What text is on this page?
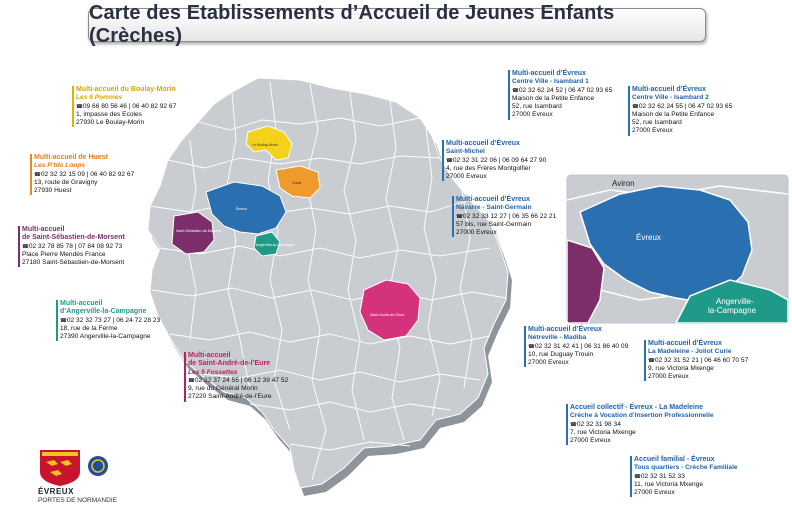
Carte des Etablissements d’Accueil de Jeunes Enfants (Crèches)
Le Boulay-Morin
Huest
Évreux
Saint-Sébastien-de-Morsent
Angerville-la-Campagne
Saint-André-de-l’Eure
Aviron
Évreux
Angerville-
la-Campagne
Multi-accueil du Boulay-Morin
Les 6 Pommes
☎ 09 66 80 56 46 | 06 40 82 92 67
1, impasse des Ecoles
27930 Le Boulay-Morin
Multi-accueil de Huest
Les P’tits Loups
☎ 02 32 32 15 09 | 06 40 82 92 67
13, route de Gravigny
27930 Huest
Multi-accueil
de Saint-Sébastien-de-Morsent
☎ 02 32 78 85 78 | 07 84 08 92 73
Place Pierre Mendès France
27180 Saint-Sébastien-de-Morsent
Multi-accueil
d’Angerville-la-Campagne
☎ 02 32 32 73 27 | 06 24 72 28 23
18, rue de la Ferme
27390 Angerville-la-Campagne
Multi-accueil
de Saint-André-de-l’Eure
Les 5 Fossettes
☎ 02 32 37 24 55 | 06 12 39 47 52
9, rue du Général Morin
27220 Saint-André-de-l’Eure
Multi-accueil d’Évreux
Centre Ville - Isambard 1
☎ 02 32 62 24 52 | 06 47 02 93 65
Maison de la Petite Enfance
52, rue Isambard
27000 Evreux
Multi-accueil d’Évreux
Centre Ville - Isambard 2
☎ 02 32 62 24 55 | 06 47 02 93 65
Maison de la Petite Enfance
52, rue Isambard
27000 Evreux
Multi-accueil d’Évreux
Saint-Michel
☎ 02 32 31 22 06 | 06 09 64 27 90
4, rue des Frères Montgolfier
27000 Evreux
Multi-accueil d’Évreux
Navarre - Saint-Germain
☎ 02 32 33 12 27 | 06 35 66 22 21
57 bis, rue Saint-Germain
27000 Evreux
Multi-accueil d’Évreux
Nétreville - Madiba
☎ 02 32 31 42 41 | 06 31 86 40 09
10, rue Duguay Trouin
27000 Evreux
Multi-accueil d’Évreux
La Madeleine - Joliot Curie
☎ 02 32 31 52 21 | 06 46 60 70 57
9, rue Victoria Mxenge
27000 Evreux
Accueil collectif - Évreux - La Madeleine
Crèche à Vocation d’Insertion Professionnelle
☎ 02 32 31 98 34
7, rue Victoria Mxenge
27000 Evreux
Accueil familial - Évreux
Tous quartiers - Crèche Familiale
☎ 02 32 31 52 33
11, rue Victoria Mxenge
27000 Evreux
ÉVREUX
PORTES DE NORMANDIE
